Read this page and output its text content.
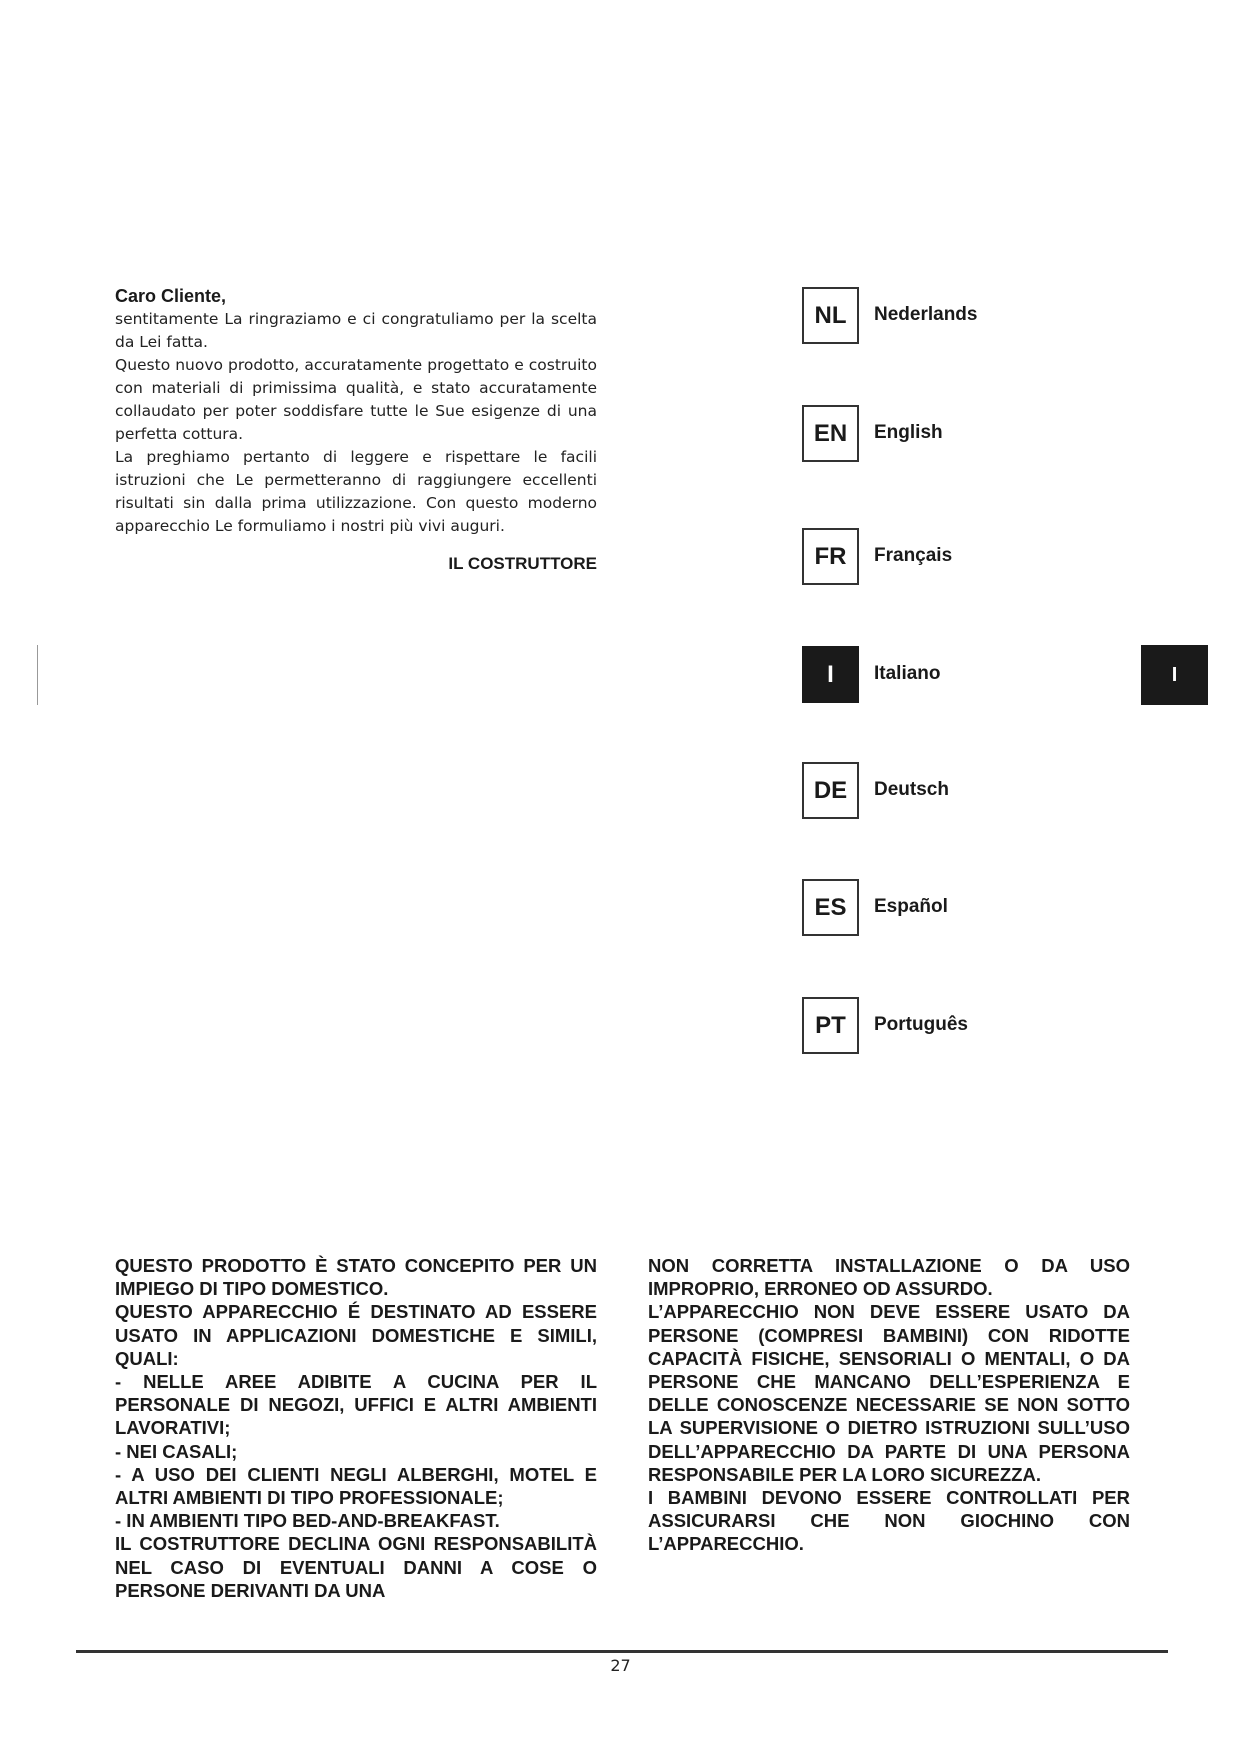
Caro Cliente,

sentitamente La ringraziamo e ci congratuliamo per la scelta da Lei fatta.

Questo nuovo prodotto, accuratamente progettato e costruito con materiali di primissima qualità, e stato accuratamente collaudato per poter soddisfare tutte le Sue esigenze di una perfetta cottura.

La preghiamo pertanto di leggere e rispettare le facili istruzioni che Le permetteranno di raggiungere eccellenti risultati sin dalla prima utilizzazione. Con questo moderno apparecchio Le formuliamo i nostri più vivi auguri.

IL COSTRUTTORE
NL	Nederlands
EN	English
FR	Français
I	Italiano
DE	Deutsch
ES	Español
PT	Português
I

QUESTO PRODOTTO È STATO CONCEPITO PER UN IMPIEGO DI TIPO DOMESTICO.

QUESTO APPARECCHIO É DESTINATO AD ESSERE USATO IN APPLICAZIONI DOMESTICHE E SIMILI, QUALI:

- NELLE AREE ADIBITE A CUCINA PER IL PERSONALE DI NEGOZI, UFFICI E ALTRI AMBIENTI LAVORATIVI;

- NEI CASALI;

- A USO DEI CLIENTI NEGLI ALBERGHI, MOTEL E ALTRI AMBIENTI DI TIPO PROFESSIONALE;

- IN AMBIENTI TIPO BED-AND-BREAKFAST.

IL COSTRUTTORE DECLINA OGNI RESPONSABILITÀ NEL CASO DI EVENTUALI DANNI A COSE O PERSONE DERIVANTI DA UNA

NON CORRETTA INSTALLAZIONE O DA USO IMPROPRIO, ERRONEO OD ASSURDO.

L’APPARECCHIO NON DEVE ESSERE USATO DA PERSONE (COMPRESI BAMBINI) CON RIDOTTE CAPACITÀ FISICHE, SENSORIALI O MENTALI, O DA PERSONE CHE MANCANO DELL’ESPERIENZA E DELLE CONOSCENZE NECESSARIE SE NON SOTTO LA SUPERVISIONE O DIETRO ISTRUZIONI SULL’USO DELL’APPARECCHIO DA PARTE DI UNA PERSONA RESPONSABILE PER LA LORO SICUREZZA.

I BAMBINI DEVONO ESSERE CONTROLLATI PER ASSICURARSI CHE NON GIOCHINO CON L’APPARECCHIO.

27
